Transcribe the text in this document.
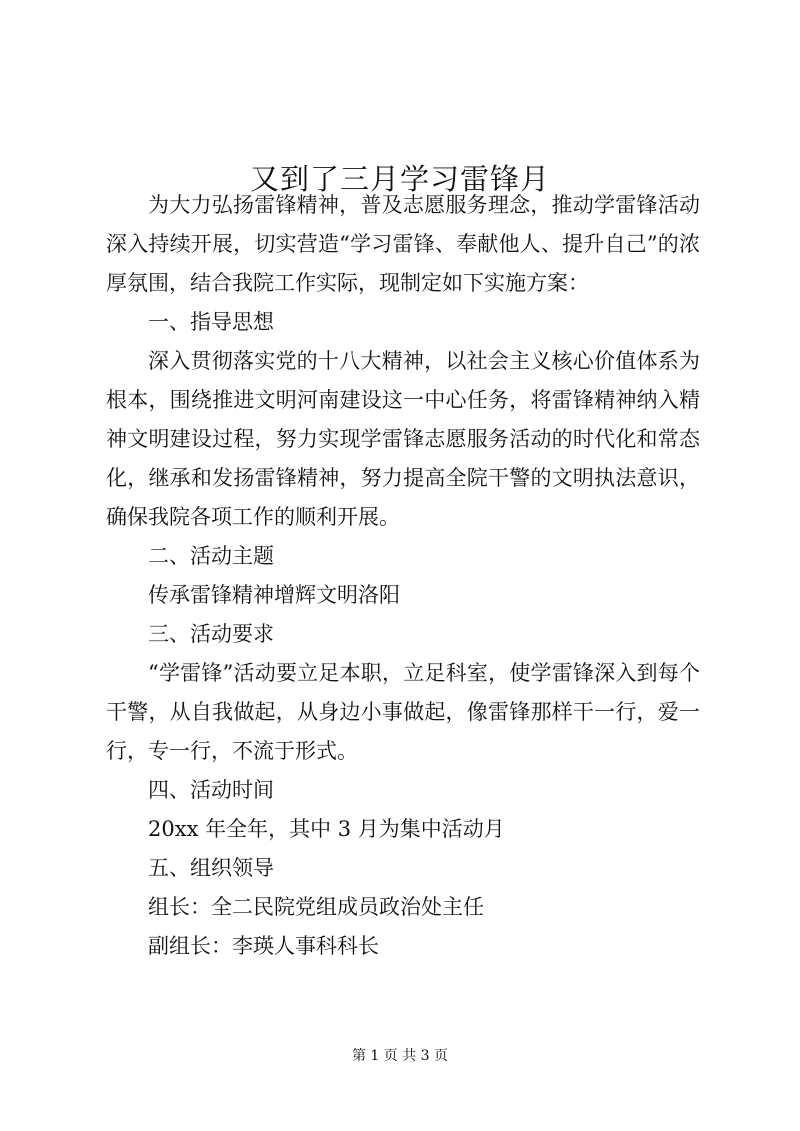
又到了三月学习雷锋月

为大力弘扬雷锋精神，普及志愿服务理念，推动学雷锋活动深入持续开展，切实营造“学习雷锋、奉献他人、提升自己”的浓厚氛围，结合我院工作实际，现制定如下实施方案：

一、指导思想

深入贯彻落实党的十八大精神，以社会主义核心价值体系为根本，围绕推进文明河南建设这一中心任务，将雷锋精神纳入精神文明建设过程，努力实现学雷锋志愿服务活动的时代化和常态化，继承和发扬雷锋精神，努力提高全院干警的文明执法意识，确保我院各项工作的顺利开展。

二、活动主题

传承雷锋精神增辉文明洛阳

三、活动要求

“学雷锋”活动要立足本职，立足科室，使学雷锋深入到每个干警，从自我做起，从身边小事做起，像雷锋那样干一行，爱一行，专一行，不流于形式。

四、活动时间

20xx 年全年，其中 3 月为集中活动月

五、组织领导

组长：全二民院党组成员政治处主任

副组长：李瑛人事科科长

第 1 页 共 3 页
